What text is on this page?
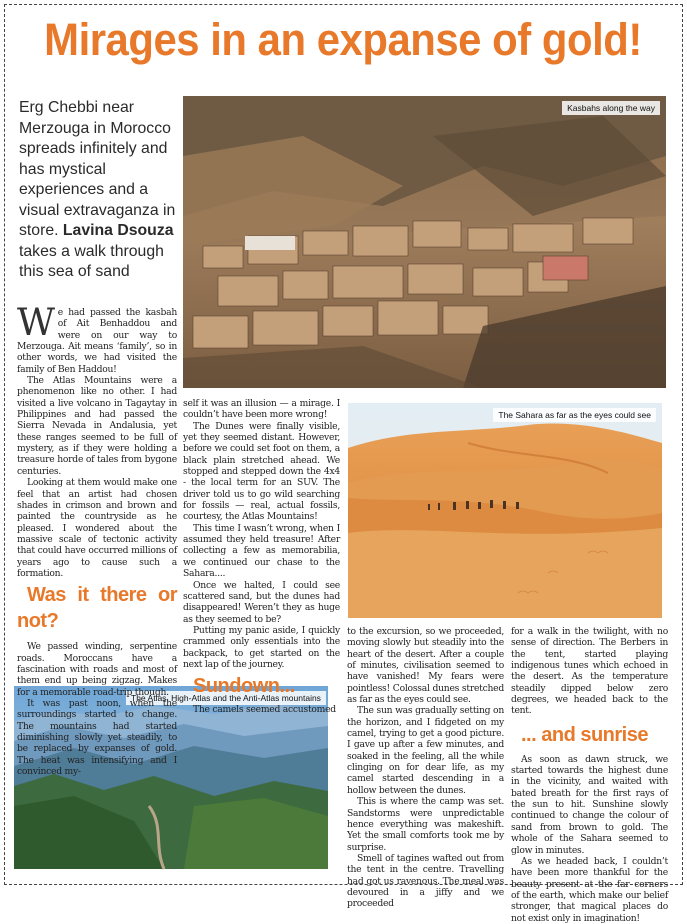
Mirages in an expanse of gold!
Erg Chebbi near Merzouga in Morocco spreads infinitely and has mystical experiences and a visual extravaganza in store. Lavina Dsouza takes a walk through this sea of sand
Kasbahs along the way
The Sahara as far as the eyes could see
The Atlas, High-Atlas and the Anti-Atlas mountains

We had passed the kasbah of Ait Benhaddou and were on our way to Merzouga. Ait means ‘family’, so in other words, we had visited the family of Ben Haddou!

The Atlas Mountains were a phenomenon like no other. I had visited a live volcano in Tagaytay in Philippines and had passed the Sierra Nevada in Andalusia, yet these ranges seemed to be full of mystery, as if they were holding a treasure horde of tales from bygone centuries.

Looking at them would make one feel that an artist had chosen shades in crimson and brown and painted the countryside as he pleased. I wondered about the massive scale of tectonic activity that could have occurred millions of years ago to cause such a formation.

Was it there or not?

We passed winding, serpentine roads. Moroccans have a fascination with roads and most of them end up being zigzag. Makes for a memorable road-trip though.

It was past noon, when the surroundings started to change. The mountains had started diminishing slowly yet steadily, to be replaced by expanses of gold. The heat was intensifying and I convinced my-

self it was an illusion — a mirage. I couldn’t have been more wrong!

The Dunes were finally visible, yet they seemed distant. However, before we could set foot on them, a black plain stretched ahead. We stopped and stepped down the 4x4 - the local term for an SUV. The driver told us to go wild searching for fossils — real, actual fossils, courtesy, the Atlas Mountains!

This time I wasn’t wrong, when I assumed they held treasure! After collecting a few as memorabilia, we continued our chase to the Sahara....

Once we halted, I could see scattered sand, but the dunes had disappeared! Weren’t they as huge as they seemed to be?

Putting my panic aside, I quickly crammed only essentials into the backpack, to get started on the next lap of the journey.

Sundown...

The camels seemed accustomed

to the excursion, so we proceeded, moving slowly but steadily into the heart of the desert. After a couple of minutes, civilisation seemed to have vanished! My fears were pointless! Colossal dunes stretched as far as the eyes could see.

The sun was gradually setting on the horizon, and I fidgeted on my camel, trying to get a good picture. I gave up after a few minutes, and soaked in the feeling, all the while clinging on for dear life, as my camel started descending in a hollow between the dunes.

This is where the camp was set. Sandstorms were unpredictable hence everything was makeshift. Yet the small comforts took me by surprise.

Smell of tagines wafted out from the tent in the centre. Travelling had got us ravenous. The meal was devoured in a jiffy and we proceeded

for a walk in the twilight, with no sense of direction. The Berbers in the tent, started playing indigenous tunes which echoed in the desert. As the temperature steadily dipped below zero degrees, we headed back to the tent.

... and sunrise

As soon as dawn struck, we started towards the highest dune in the vicinity, and waited with bated breath for the first rays of the sun to hit. Sunshine slowly continued to change the colour of sand from brown to gold. The whole of the Sahara seemed to glow in minutes.

As we headed back, I couldn’t have been more thankful for the beauty present at the far corners of the earth, which make our belief stronger, that magical places do not exist only in imagination!
